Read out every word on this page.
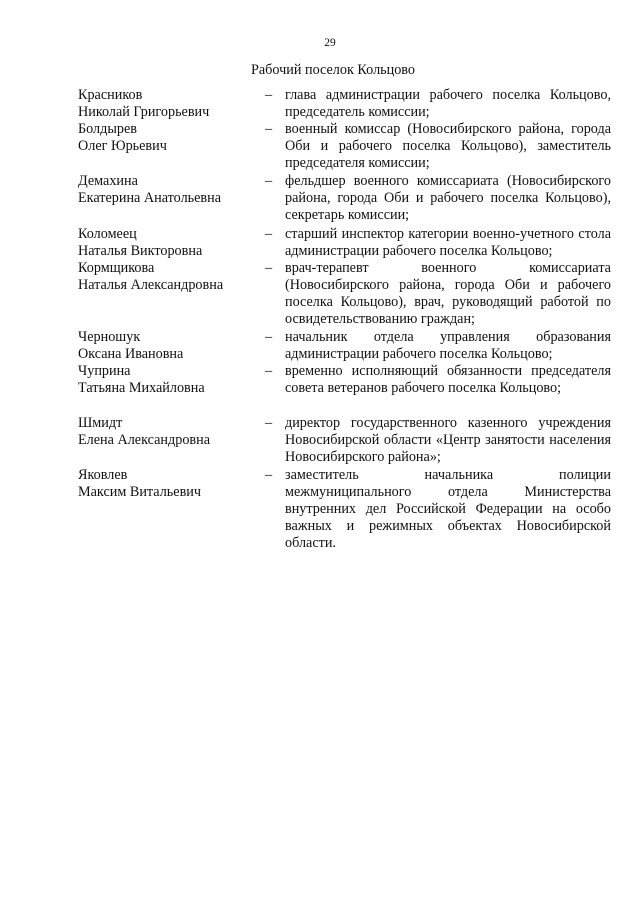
29
Рабочий поселок Кольцово
Красников
Николай Григорьевич
– глава администрации рабочего поселка Кольцово, председатель комиссии;
Болдырев
Олег Юрьевич
– военный комиссар (Новосибирского района, города Оби и рабочего поселка Кольцово), заместитель председателя комиссии;
Демахина
Екатерина Анатольевна
– фельдшер военного комиссариата (Новосибирского района, города Оби и рабочего поселка Кольцово), секретарь комиссии;
Коломеец
Наталья Викторовна
– старший инспектор категории военно-учетного стола администрации рабочего поселка Кольцово;
Кормщикова
Наталья Александровна
– врач-терапевт военного комиссариата (Новосибирского района, города Оби и рабочего поселка Кольцово), врач, руководящий работой по освидетельствованию граждан;
Черношук
Оксана Ивановна
– начальник отдела управления образования администрации рабочего поселка Кольцово;
Чуприна
Татьяна Михайловна
– временно исполняющий обязанности председателя совета ветеранов рабочего поселка Кольцово;
Шмидт
Елена Александровна
– директор государственного казенного учреждения Новосибирской области «Центр занятости населения Новосибирского района»;
Яковлев
Максим Витальевич
– заместитель начальника полиции межмуниципального отдела Министерства внутренних дел Российской Федерации на особо важных и режимных объектах Новосибирской области.
